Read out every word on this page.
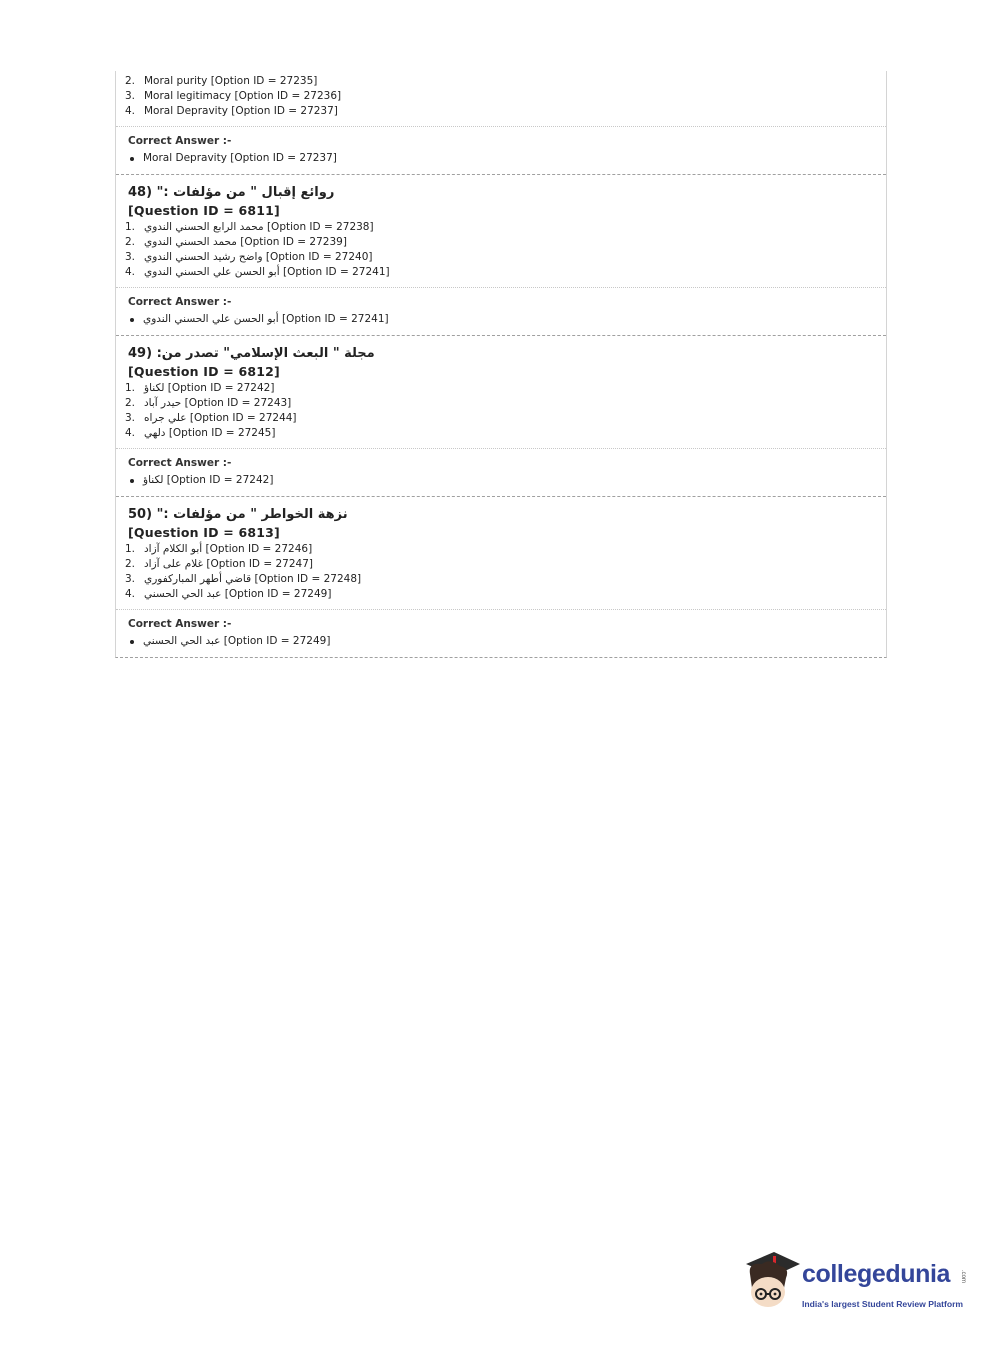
2. Moral purity [Option ID = 27235]
3. Moral legitimacy [Option ID = 27236]
4. Moral Depravity [Option ID = 27237]
Correct Answer :-
Moral Depravity [Option ID = 27237]
48) روائع إقبال " من مؤلفات :"
[Question ID = 6811]
1. محمد الرابع الحسني الندوي
[Option ID = 27238]
2. محمد الحسني الندوي
[Option ID = 27239]
3. واضح رشيد الحسني الندوي
[Option ID = 27240]
4. أبو الحسن علي الحسني الندوي
[Option ID = 27241]
Correct Answer :-
أبو الحسن علي الحسني الندوي
[Option ID = 27241]
49) مجلة " البعث الإسلامي" تصدر من:
[Question ID = 6812]
1. لكناؤ
[Option ID = 27242]
2. حيدر آباد
[Option ID = 27243]
3. علي جراه
[Option ID = 27244]
4. دلهي
[Option ID = 27245]
Correct Answer :-
لكناؤ
[Option ID = 27242]
50) نزهة الخواطر " من مؤلفات :"
[Question ID = 6813]
1. أبو الكلام آزاد
[Option ID = 27246]
2. غلام على آزاد
[Option ID = 27247]
3. قاضي أطهر المباركفوري
[Option ID = 27248]
4. عبد الحي الحسني
[Option ID = 27249]
Correct Answer :-
عبد الحي الحسني
[Option ID = 27249]
collegedunia .com
India's largest Student Review Platform
